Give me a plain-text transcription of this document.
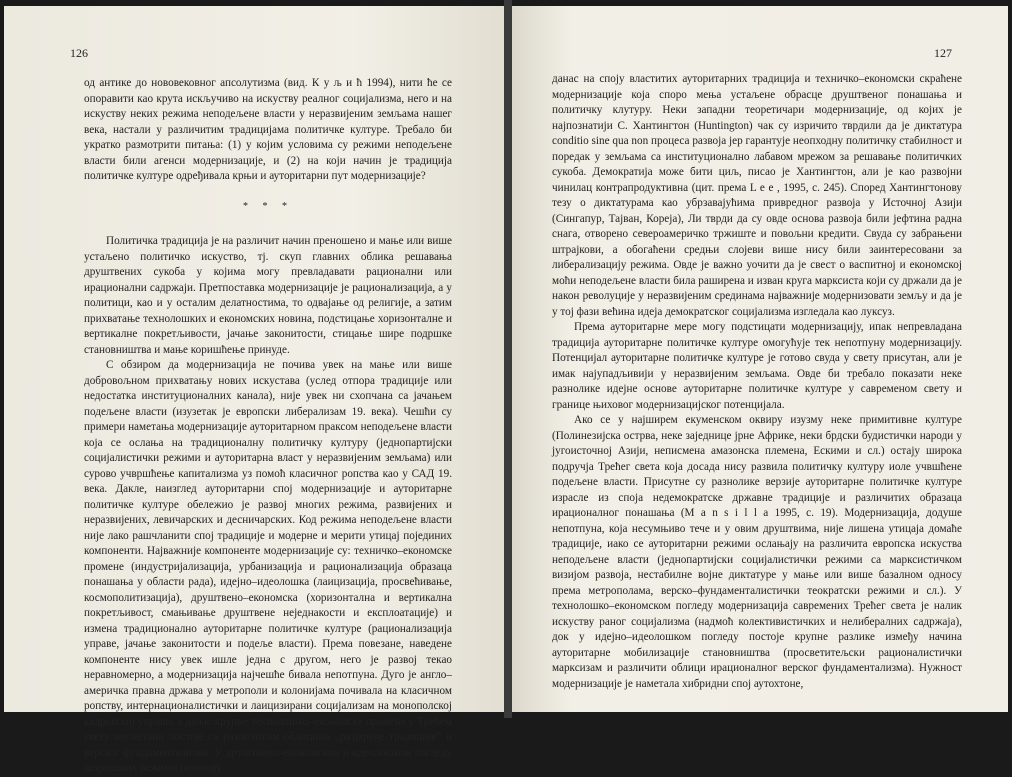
126

од антике до нововековног апсолутизма (вид. К у љ и ћ 1994), нити ће се опоравити као крута искључиво на искуству реалног социјализма, него и на искуству неких режима неподељене власти у неразвијеним земљама нашег века, настали у различитим традицијама политичке културе. Требало би укратко размотрити питања: (1) у којим условима су режими неподељене власти били агенси модернизације, и (2) на који начин је традиција политичке културе одређивала крњи и ауторитарни пут модернизације?

* * *

Политичка традиција је на различит начин преношено и мање или више устаљено политичко искуство, тј. скуп главних облика решавања друштвених сукоба у којима могу превладавати рационални или ирационални садржаји. Претпоставка модернизације је рационализација, а у политици, као и у осталим делатностима, то одвајање од религије, а затим прихватање технолошких и економских новина, подстицање хоризонталне и вертикалне покретљивости, јачање законитости, стицање шире подршке становништва и мање коришћење принуде.

С обзиром да модернизација не почива увек на мање или више добровољном прихватању нових искустава (услед отпора традиције или недостатка институционалних канала), није увек ни схопчана са јачањем подељене власти (изузетак је европски либерализам 19. века). Чешћи су примери наметања модернизације ауторитарном праксом неподељене власти која се ослања на традиционалну политичку културу (једнопартијски социјалистички режими и ауторитарна власт у неразвијеним земљама) или сурово учвршћење капитализма уз помоћ класичног ропства као у САД 19. века. Дакле, наизглед ауторитарни спој модернизације и ауторитарне политичке културе обележио је развој многих режима, развијених и неразвијених, левичарских и десничарских. Код режима неподељене власти није лако рашчланити спој традиције и модерне и мерити утицај појединих компоненти. Најважније компоненте модернизације су: техничко–економске промене (индустријализација, урбанизација и рационализација образаца понашања у области рада), идејно–идеолошка (лаицизација, просвећивање, космополитизација), друштвено–економска (хоризонтална и вертикална покретљивост, смањивање друштвене неједнакости и експлоатације) и измена традиционално ауторитарне политичке културе (рационализација управе, јачање законитости и подеље власти). Према повезане, наведене компоненте нису увек ишле једна с другом, него је развој текао неравномерно, а модернизација најчешће бивала непотпуна. Дуго је англо–америчка правна држава у метрополи и колонијама почивала на класичном ропству, интернационалистички и лаицизирани социјализам на монополској кадровској управи, а данас крупне технолошко–економске промене у Трећем свету несметано постоје са различитим облицима „разјарене традиције“ и верског фундаментализма. У друштвено–економском и идеолошком погледу шароликих режими почивају

127

данас на споју властитих ауторитарних традиција и техничко–економски скраћене модернизације која споро мења устаљене обрасце друштвеног понашања и политичку клутуру. Неки западни теоретичари модернизације, од којих је најпознатији С. Хантингтон (Huntington) чак су изричито тврдили да је диктатура conditio sine qua non процеса развоја јер гарантује неопходну политичку стабилност и поредак у земљама са институционално лабавом мрежом за решавање политичких сукоба. Демократија може бити циљ, писао је Хантингтон, али је као развојни чинилац контрапродуктивна (цит. према L e e , 1995, с. 245). Според Хантингтонову тезу о диктатурама као убрзавајућима привредног развоја у Источној Азији (Сингапур, Тајван, Кореја), Ли тврди да су овде основа развоја били јефтина радна снага, отворено североамеричко тржиште и повољни кредити. Свуда су забрањени штрајкови, а обогаћени средњи слојеви више нису били заинтересовани за либерализацију режима. Овде је важно уочити да је свест о васпитној и економској моћи неподељене власти била раширена и изван круга марксиста који су држали да је након револуције у неразвијеним срединама најважније модернизовати земљу и да је у тој фази већина идеја демократског социјализма изгледала као луксуз.

Према ауторитарне мере могу подстицати модернизацију, ипак непревладана традиција ауторитарне политичке културе омогућује тек непотпуну модернизацију. Потенцијал ауторитарне политичке културе је готово свуда у свету присутан, али је имак најупадљивији у неразвијеним земљама. Овде би требало показати неке разнолике идејне основе ауторитарне политичке културе у савременом свету и границе њиховог модернизацијског потенцијала.

Ако се у најширем екуменском оквиру изузму неке примитивне културе (Полинезијска острва, неке заједнице јрне Африке, неки брдски будистички народи у југоисточној Азији, неписмена амазонска племена, Ескими и сл.) остају широка подручја Трећег света која досада нису развила политичку културу иоле учвшћене подељене власти. Присутне су разнолике верзије ауторитарне политичке културе израсле из споја недемократске државне традиције и различитих образаца ирационалног понашања (M a n s i l l a 1995, с. 19). Модернизација, додуше непотпуна, која несумњиво тече и у овим друштвима, није лишена утицаја домаће традиције, иако се ауторитарни режими ослањају на различита европска искуства неподељене власти (једнопартијски социјалистички режими са марксистичком визијом развоја, нестабилне војне диктатуре у мање или више базалном односу према метрополама, верско–фундаменталистички теократски режими и сл.). У технолошко–економском погледу модернизација савремених Трећег света је налик искуству раног социјализма (надмоћ колективистичких и нелибералних садржаја), док у идејно–идеолошком погледу постоје крупне разлике између начина ауторитарне мобилизације становништва (просветитељски рационалистички марксизам и различити облици ирационалног верског фундаментализма). Нужност модернизације је наметала хибридни спој аутохтоне,
